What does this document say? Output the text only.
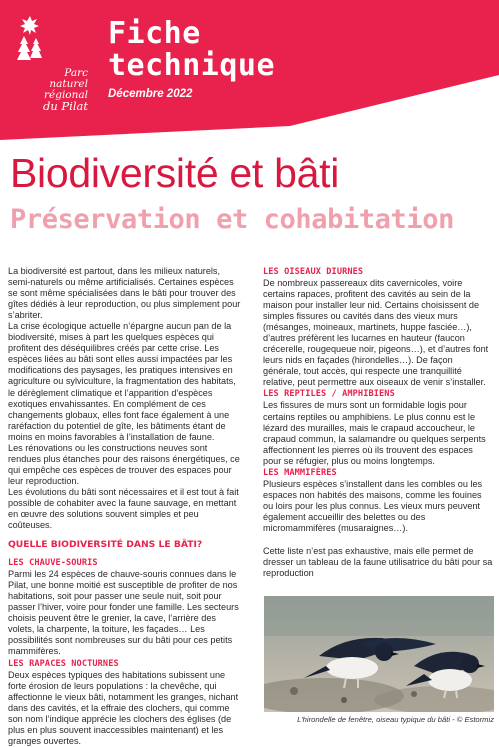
Parc
naturel
régional
du Pilat
Fiche
technique
Décembre 2022
Biodiversité et bâti
Préservation et cohabitation

La biodiversité est partout, dans les milieux naturels, semi-naturels ou même artificialisés. Certaines espèces se sont même spécialisées dans le bâti pour trouver des gîtes dédiés à leur reproduction, ou plus simplement pour s’abriter.

La crise écologique actuelle n’épargne aucun pan de la biodiversité, mises à part les quelques espèces qui profitent des déséquilibres créés par cette crise. Les espèces liées au bâti sont elles aussi impactées par les modifications des paysages, les pratiques intensives en agriculture ou sylviculture, la fragmentation des habitats, le dérèglement climatique et l’apparition d’espèces exotiques envahissantes. En complément de ces changements globaux, elles font face également à une raréfaction du potentiel de gîte, les bâtiments étant de moins en moins favorables à l’installation de faune.

Les rénovations ou les constructions neuves sont rendues plus étanches pour des raisons énergétiques, ce qui empêche ces espèces de trouver des espaces pour leur reproduction.

Les évolutions du bâti sont nécessaires et il est tout à fait possible de cohabiter avec la faune sauvage, en mettant en œuvre des solutions souvent simples et peu coûteuses.

QUELLE BIODIVERSITÉ DANS LE BÂTI?
LES CHAUVE-SOURIS

Parmi les 24 espèces de chauve-souris connues dans le Pilat, une bonne moitié est susceptible de profiter de nos habitations, soit pour passer une seule nuit, soit pour passer l’hiver, voire pour fonder une famille. Les secteurs choisis peuvent être le grenier, la cave, l’arrière des volets, la charpente, la toiture, les façades… Les possibilités sont nombreuses sur du bâti pour ces petits mammifères.

LES RAPACES NOCTURNES

Deux espèces typiques des habitations subissent une forte érosion de leurs populations : la chevêche, qui affectionne le vieux bâti, notamment les granges, nichant dans des cavités, et la effraie des clochers, qui comme son nom l’indique apprécie les clochers des églises (de plus en plus souvent inaccessibles maintenant) et les granges ouvertes.

LES OISEAUX DIURNES

De nombreux passereaux dits cavernicoles, voire certains rapaces, profitent des cavités au sein de la maison pour installer leur nid. Certains choisissent de simples fissures ou cavités dans des vieux murs (mésanges, moineaux, martinets, huppe fasciée…), d’autres préfèrent les lucarnes en hauteur (faucon crécerelle, rougequeue noir, pigeons…), et d’autres font leurs nids en façades (hirondelles…). De façon générale, tout accès, qui respecte une tranquillité relative, peut permettre aux oiseaux de venir s’installer.

LES REPTILES / AMPHIBIENS

Les fissures de murs sont un formidable logis pour certains reptiles ou amphibiens. Le plus connu est le lézard des murailles, mais le crapaud accoucheur, le crapaud commun, la salamandre ou quelques serpents affectionnent les pierres où ils trouvent des espaces pour se réfugier, plus ou moins longtemps.

LES MAMMIFÈRES

Plusieurs espèces s’installent dans les combles ou les espaces non habités des maisons, comme les fouines ou loirs pour les plus connus. Les vieux murs peuvent également accueillir des belettes ou des micromammifères (musaraignes…).

Cette liste n’est pas exhaustive, mais elle permet de dresser un tableau de la faune utilisatrice du bâti pour sa reproduction

L’hirondelle de fenêtre, oiseau typique du bâti - © Estormiz
